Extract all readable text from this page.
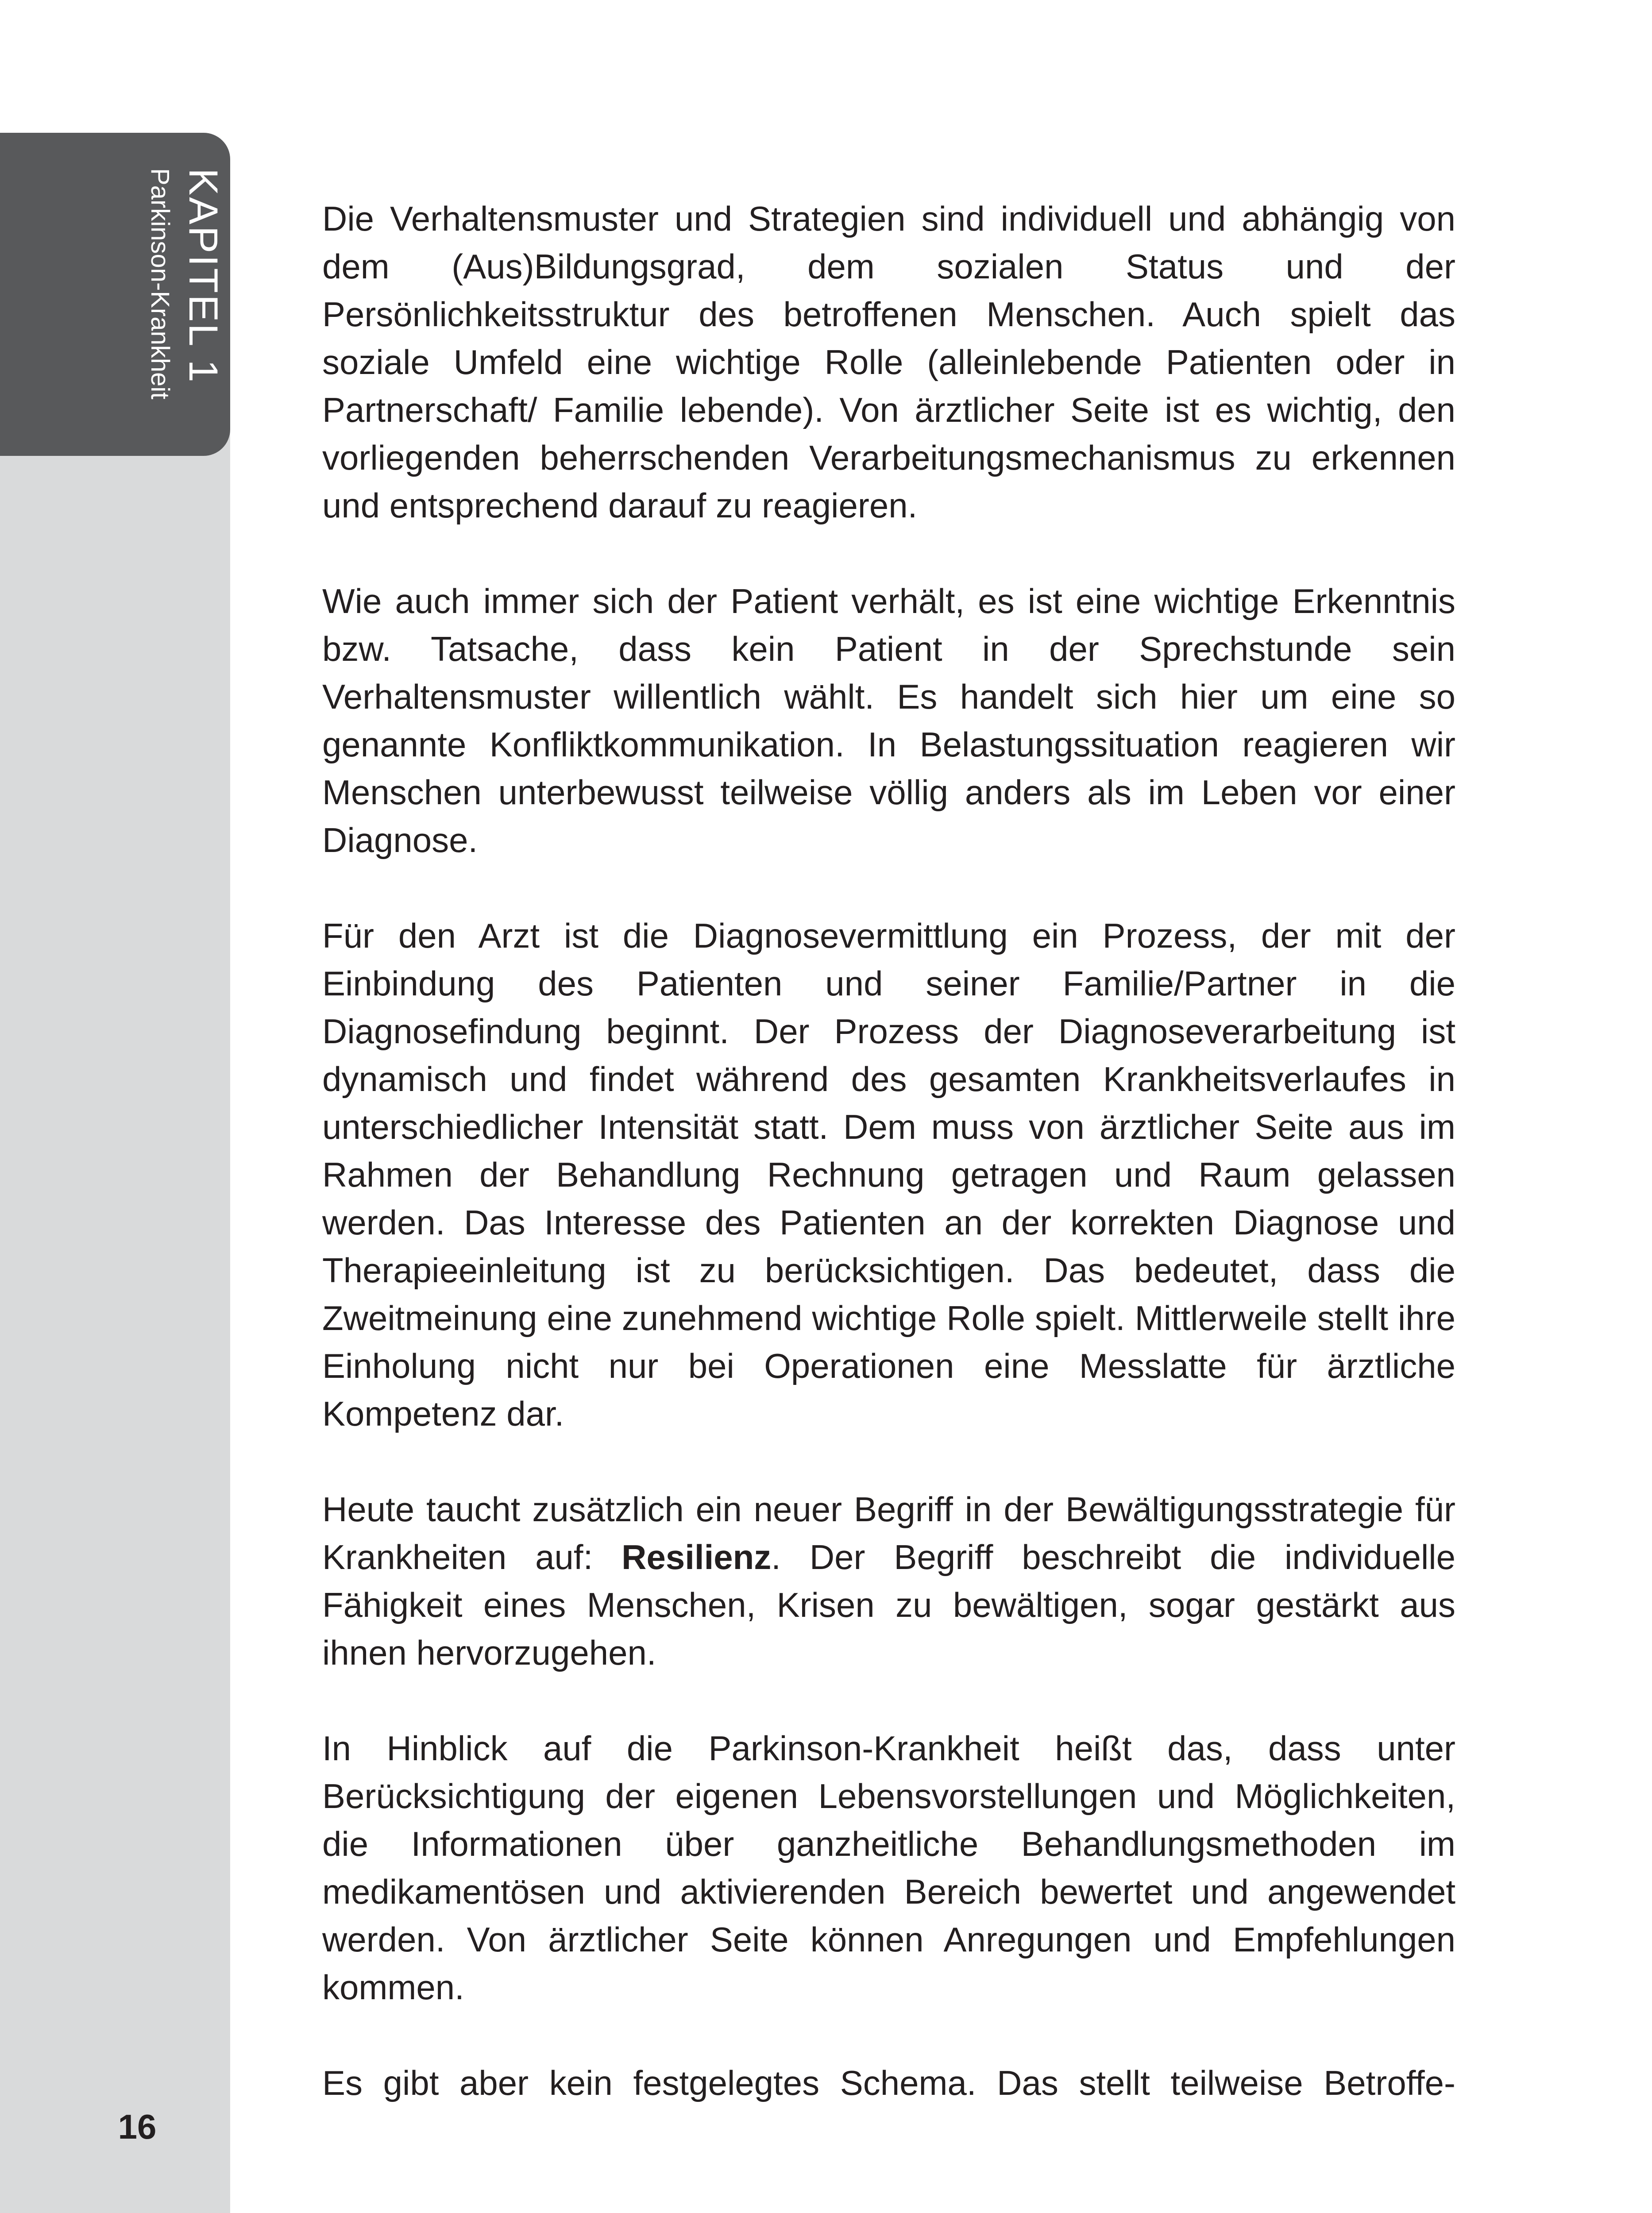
KAPITEL 1
Parkinson-Krankheit
16

Die Verhaltensmuster und Strategien sind individuell und abhängig von dem (Aus)Bildungsgrad, dem sozialen Status und der Persönlichkeitsstruktur des betroffenen Menschen. Auch spielt das soziale Umfeld eine wichtige Rolle (alleinlebende Patienten oder in Partnerschaft/ Familie lebende). Von ärztlicher Seite ist es wichtig, den vorliegenden beherrschenden Verarbeitungsmechanismus zu erkennen und entsprechend darauf zu reagieren.

Wie auch immer sich der Patient verhält, es ist eine wichtige Erkenntnis bzw. Tatsache, dass kein Patient in der Sprechstunde sein Verhaltensmuster willentlich wählt. Es handelt sich hier um eine so genannte Konfliktkommunikation. In Belastungssituation reagieren wir Menschen unterbewusst teilweise völlig anders als im Leben vor einer Diagnose.

Für den Arzt ist die Diagnosevermittlung ein Prozess, der mit der Einbindung des Patienten und seiner Familie/Partner in die Diagnosefindung beginnt. Der Prozess der Diagnoseverarbeitung ist dynamisch und findet während des gesamten Krankheitsverlaufes in unterschiedlicher Intensität statt. Dem muss von ärztlicher Seite aus im Rahmen der Behandlung Rechnung getragen und Raum gelassen werden. Das Interesse des Patienten an der korrekten Diagnose und Therapieeinleitung ist zu berücksichtigen. Das bedeutet, dass die Zweitmeinung eine zunehmend wichtige Rolle spielt. Mittlerweile stellt ihre Einholung nicht nur bei Operationen eine Messlatte für ärztliche Kompetenz dar.

Heute taucht zusätzlich ein neuer Begriff in der Bewältigungsstrategie für Krankheiten auf: Resilienz. Der Begriff beschreibt die individuelle Fähigkeit eines Menschen, Krisen zu bewältigen, sogar gestärkt aus ihnen hervorzugehen.

In Hinblick auf die Parkinson-Krankheit heißt das, dass unter Berücksichtigung der eigenen Lebensvorstellungen und Möglichkeiten, die Informationen über ganzheitliche Behandlungsmethoden im medikamentösen und aktivierenden Bereich bewertet und angewendet werden. Von ärztlicher Seite können Anregungen und Empfehlungen kommen.

Es gibt aber kein festgelegtes Schema. Das stellt teilweise Betroffe-
